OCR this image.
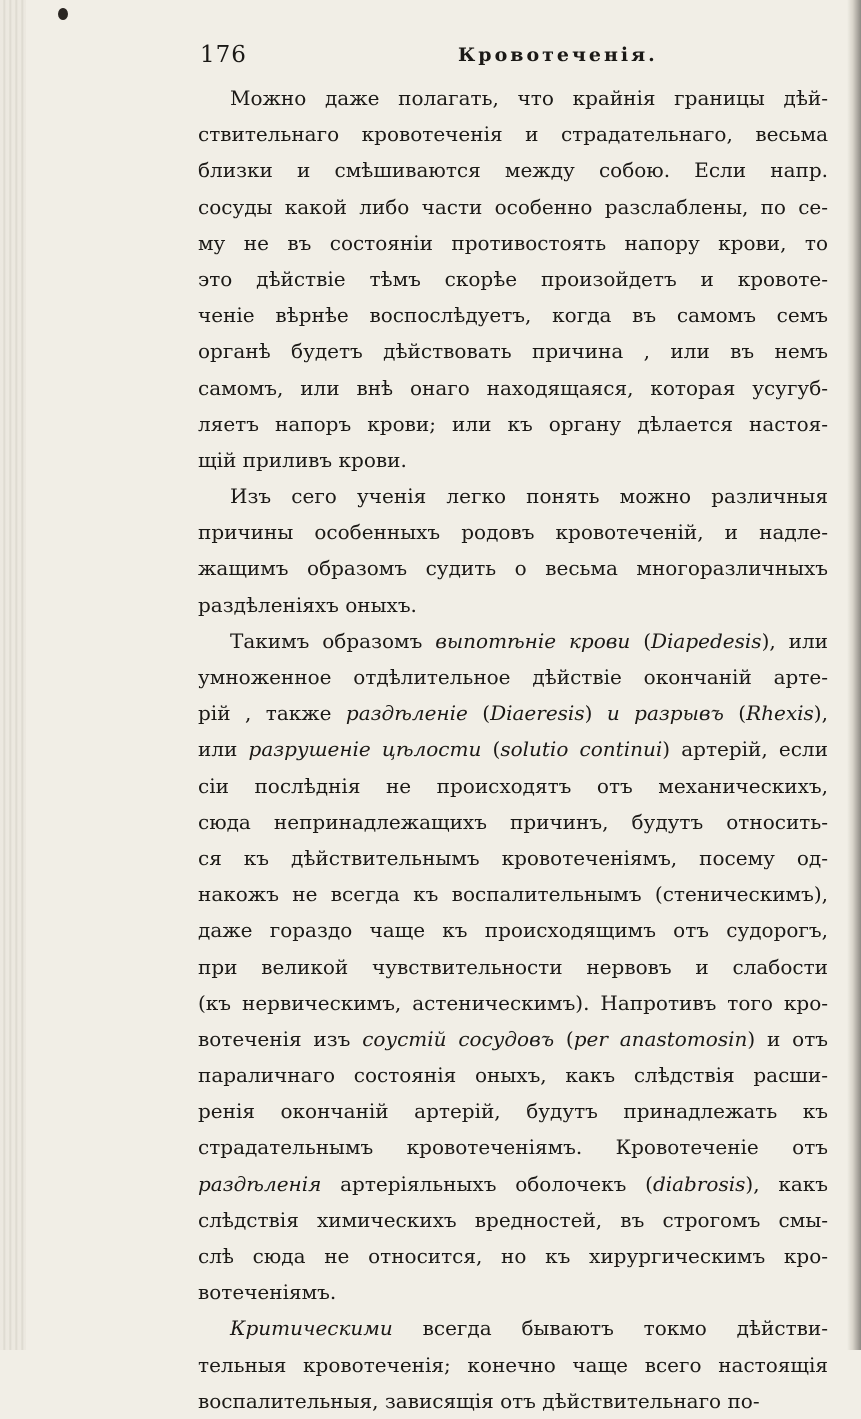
176	Кровотеченія.
Можно даже полагать, что крайнія границы дѣй-
ствительнаго кровотеченія и страдательнаго, весьма
близки и смѣшиваются между собою. Если напр.
сосуды какой либо части особенно разслаблены, по се-
му не въ состояніи противостоять напору крови, то
это дѣйствіе тѣмъ скорѣе произойдетъ и кровоте-
ченіе вѣрнѣе воспослѣдуетъ, когда въ самомъ семъ
органѣ будетъ дѣйствовать причина , или въ немъ
самомъ, или внѣ онаго находящаяся, которая усугуб-
ляетъ напоръ крови; или къ органу дѣлается настоя-
щій приливъ крови.
Изъ сего ученія легко понять можно различныя
причины особенныхъ родовъ кровотеченій, и надле-
жащимъ образомъ судить о весьма многоразличныхъ
раздѣленіяхъ оныхъ.
Такимъ образомъ выпотѣніе крови (Diapedesis), или
умноженное отдѣлительное дѣйствіе окончаній арте-
рій , также раздѣленіе (Diaeresis) и разрывъ (Rhexis),
или разрушеніе цѣлости (solutio continui) артерій, если
сіи послѣднія не происходятъ отъ механическихъ,
сюда непринадлежащихъ причинъ, будутъ относить-
ся къ дѣйствительнымъ кровотеченіямъ, посему од-
накожъ не всегда къ воспалительнымъ (стеническимъ),
даже гораздо чаще къ происходящимъ отъ судорогъ,
при великой чувствительности нервовъ и слабости
(къ нервическимъ, астеническимъ). Напротивъ того кро-
вотеченія изъ соустій сосудовъ (per anastomosin) и отъ
параличнаго состоянія оныхъ, какъ слѣдствія расши-
ренія окончаній артерій, будутъ принадлежать къ
страдательнымъ кровотеченіямъ. Кровотеченіе отъ
раздѣленія артеріяльныхъ оболочекъ (diabrosis), какъ
слѣдствія химическихъ вредностей, въ строгомъ смы-
слѣ сюда не относится, но къ хирургическимъ кро-
вотеченіямъ.
Критическими всегда бываютъ токмо дѣйстви-
тельныя кровотеченія; конечно чаще всего настоящія
воспалительныя, зависящія отъ дѣйствительнаго по-
